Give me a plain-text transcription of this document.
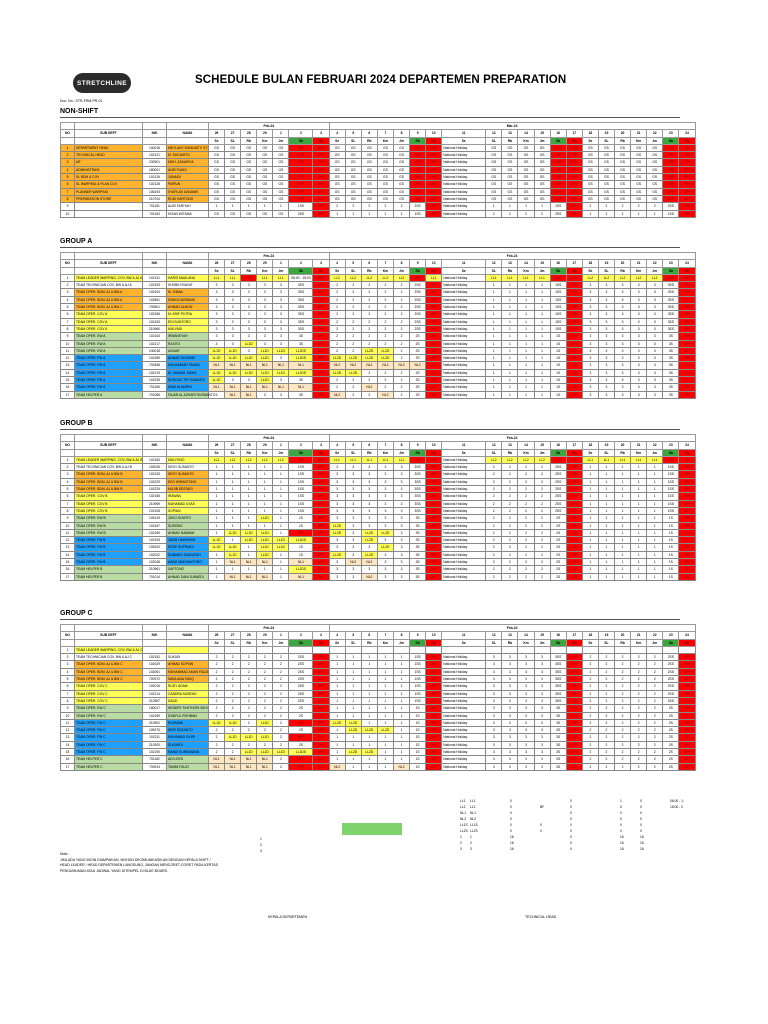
STRETCHLINE	SCHEDULE BULAN FEBRUARI 2024 DEPARTEMEN PREPARATION
Doc. No.: STR-FRM-PR-01
NON-SHIFT
				Feb-24							Mar-24																				
NO	SUB DEPT	NIK	NAMA	26	27	28	29	1	2	3	4	5	6	7	8	9	10	11	12	13	14	15	16	17	18	19	20	21	22	23	24
				Se	SL	Rb	Km	Jm	Sb	Mg	Se	SL	Rb	Km	Jm	Sb	Mg	Se	SL	Rb	Km	Jm	Sb	Mg	Se	SL	Rb	Km	Jm	Sb	Mg
1	DEPARTMENT HEAD	100018	MEYLANY INSANIATY, ST.	GS	GS	GS	GS	GS	OFF	OFF	GS	GS	GS	GS	GS	OFF	OFF	National Holiday	GS	GS	GS	GS	OFF	OFF	GS	GS	GS	GS	GS	OFF	OFF
2	TECHNICAL HEAD	102121	M. SUGIARTO	GS	GS	GS	GS	GS	OFF	OFF	GS	GS	GS	GS	GS	OFF	OFF	National Holiday	GS	GS	GS	GS	OFF	OFF	GS	GS	GS	GS	GS	OFF	OFF
3	MT	230901	MOH. ZAKARIYA	GS	GS	GS	GS	GS	OFF	OFF	GS	GS	GS	GS	GS	OFF	OFF	National Holiday	GS	GS	GS	GS	OFF	OFF	GS	GS	GS	GS	GS	OFF	OFF
4	ADMINISTRASI	180001	ANIS FUADI	GS	GS	GS	GS	GS	OFF	OFF	GS	GS	GS	GS	GS	OFF	OFF	National Holiday	GS	GS	GS	GS	OFF	OFF	GS	GS	GS	GS	GS	OFF	OFF
5	SL BDM & COV	102126	JUNAIDI	GS	GS	GS	GS	GS	OFF	OFF	GS	GS	GS	GS	GS	OFF	OFF	National Holiday	GS	GS	GS	GS	OFF	OFF	GS	GS	GS	GS	GS	OFF	OFF
6	SL WARPING & PLAN COV	102128	PAIRUN	GS	GS	GS	GS	GS	OFF	OFF	GS	GS	GS	GS	GS	OFF	OFF	National Holiday	GS	GS	GS	GS	OFF	OFF	GS	GS	GS	GS	GS	OFF	OFF
7	PLANNER WARPING	106193	SYAFIUDI DANANIK	GS	GS	GS	GS	GS	OFF	OFF	GS	GS	GS	GS	GS	OFF	OFF	National Holiday	GS	GS	GS	GS	OFF	OFF	GS	GS	GS	GS	GS	OFF	OFF
8	PREPARATION STORE	210704	RUDI HARTONO	GS	GS	GS	GS	GS	OFF	OFF	GS	GS	GS	GS	GS	OFF	OFF	National Holiday	GS	GS	GS	GS	OFF	OFF	GS	GS	GS	GS	GS	OFF	OFF
9		701161	AUDI FARIYAH	1	1	1	1	1	1SS	OFF	2	2	2	2	2	2SS	OFF	National Holiday	1	1	1	1	1SS	OFF	2	2	2	2	2	2SS	OFF
10		701163	KISAN WITAMA	GS	GS	GS	GS	GS	2SS	OFF	1	1	1	1	1	1SS	OFF	National Holiday	2	2	2	2	2SS	OFF	1	1	1	1	1	1SS	OFF
GROUP A
				Feb-24							Feb-24																				
NO	SUB DEPT	NIK	NAMA	26	27	28	29	1	2	3	4	5	6	7	8	9	10	11	12	13	14	15	16	17	18	19	20	21	22	23	24
				Se	SL	Rb	Km	Jm	Sb	Mg	Se	SL	Rb	Km	Jm	Sb	Mg	Se	SL	Rb	Km	Jm	Sb	Mg	Se	SL	Rb	Km	Jm	Sb	Mg
1	TEAM LEADER WARPING, COV, BW & AJ A	102131	HARIS MAULANA	LL1	LL1	OFF	LL1	LL1	06:00 - 18:00	OFF	LL2	LL2	LL2	LL2	LL2	OFF	LL1	National Holiday	LL1	LL1	LL1	LL1	OFF	OFF	LL2	LL2	LL2	LL2	LL2	OFF	OFF
2	TEAM TECHNICIAN COV, BW & AJ A	102193	SHOBIH RIAYAT	3	3	3	3	3	3SS	OFF	2	2	2	2	2	2SS	OFF	National Holiday	1	1	1	1	1SS	OFF	3	3	3	3	3	3SS	OFF
3	TEAM OPER. BDM, AJ & BW A	102204	M. ISMAIL	3	3	3	3	3	3SS	OFF	2	2	2	2	2	2SS	OFF	National Holiday	1	1	1	1	1SS	OFF	3	3	3	3	3	3SS	OFF
4	TEAM OPER. BDM, AJ & BW A	102861	DWIKA NURMANI	3	3	3	3	3	3SS	OFF	2	2	2	2	2	2SS	OFF	National Holiday	1	1	1	1	1SS	OFF	3	3	3	3	3	3SS	OFF
5	TEAM OPER. BDM, AJ & BW C	700801	AHMAD ALMON	3	3	3	3	3	3SS	OFF	2	2	2	2	2	2SS	OFF	National Holiday	1	1	1	1	1SS	OFF	3	3	3	3	3	3SS	OFF
6	TEAM OPER. COV A	102156	M. ARIF PUTRA	3	3	3	3	3	3SS	OFF	2	2	2	2	2	2SS	OFF	National Holiday	1	1	1	1	1SS	OFF	3	3	3	3	3	3SS	OFF
7	TEAM OPER. COV A	102153	EDI SUNTORO	3	3	3	3	3	3SS	OFF	2	2	2	2	2	2SS	OFF	National Holiday	1	1	1	1	1SS	OFF	3	3	3	3	3	3SS	OFF
8	TEAM OPER. COV A	210960	MULYADI	3	3	3	3	3	3SS	OFF	2	2	2	2	2	2SS	OFF	National Holiday	1	1	1	1	1SS	OFF	3	3	3	3	3	3SS	OFF
9	TEAM OPER. EW A	102163	IRWANSYAH	3	3	3	3	3	3S	OFF	2	2	2	2	2	2S	OFF	National Holiday	1	1	1	1	1S	OFF	3	3	3	3	3	3S	OFF
10	TEAM OPER. EW A	102217	RASITO	3	3	LL1D	3	3	3S	OFF	2	2	2	2	2	2S	OFF	National Holiday	1	1	1	1	1S	OFF	3	3	3	3	3	3S	OFF
11	TEAM OPER. EW A	240018	ANUAR	LL1D	LL1D	3	LL1D	LL1D	LL1DS	OFF	2	2	LL2D	LL2D	2	2S	OFF	National Holiday	1	1	1	1	1S	OFF	3	3	3	3	3	3S	OFF
12	TEAM OPER. FW A	102289	AHMAD SUYANDI	LL1D	LL1D	LL1D	LL1D	3	LL1DS	OFF	LL2D	LL2D	LL2D	LL2D	2	2S	OFF	National Holiday	1	1	1	1	1S	OFF	3	3	3	3	3	3S	OFF
13	TEAM OPER. FW A	700468	MUHAMMAD TAMAD	NL1	NL1	NL1	NL1	NL1	NL1	OFF	NL2	NL2	NL2	NL2	NL2	NL2	OFF	National Holiday	1	1	1	1	1S	OFF	3	3	3	3	3	3S	OFF
14	TEAM OPER. FW A	102219	M. SAMSUL MAHA	LL1D	LL1D	LL1D	LL1D	LL1D	LL1DS	OFF	LL2D	LL2D	2	2	2	2S	OFF	National Holiday	1	1	1	1	1S	OFF	3	3	3	3	3	3S	OFF
15	TEAM OPER. FW A	102235	SUROSO TRI SUSANTO	LL1D	3	3	LL1D	3	3S	OFF	2	2	2	2	2	2S	OFF	National Holiday	1	1	1	1	1S	OFF	3	3	3	3	3	3S	OFF
16	TEAM OPER. FW A	701165	ASMI ALMURNI	NL1	NL1	NL1	NL1	NL1	NL1	OFF	2	2	NL2	2	2	2S	OFF	National Holiday	1	1	1	1	1S	OFF	3	3	3	3	3	3S	OFF
17	TEAM HELPER A	701068	FAJAR AL AZHARI RUSMANTO	3	NL1	NL1	3	3	3S	OFF	NL2	2	2	NL2	2	2S	OFF	National Holiday	1	1	1	1	1S	OFF	3	3	3	3	3	3S	OFF
GROUP B
				Feb-24							Feb-24																				
NO	SUB DEPT	NIK	NAMA	26	27	28	29	1	2	3	4	5	6	7	8	9	10	11	12	13	14	15	16	17	18	19	20	21	22	23	24
				Se	SL	Rb	Km	Jm	Sb	Mg	Se	SL	Rb	Km	Jm	Sb	Mg	Se	SL	Rb	Km	Jm	Sb	Mg	Se	SL	Rb	Km	Jm	Sb	Mg
1	TEAM LEADER WARPING, COV, BW & AJ B	102163	MULYONO	LL2	LL2	LL2	LL2	LL2	OFF	OFF	LL1	LL1	LL1	LL1	LL1	OFF	OFF	National Holiday	LL2	LL2	LL2	LL2	OFF	OFF	LL1	LL1	LL1	LL1	LL1	OFF	OFF
2	TEAM TECHNICIAN COV, BW & AJ B	102026	DEDY SUSANTO	1	1	1	1	1	1SS	OFF	3	3	3	3	3	3SS	OFF	National Holiday	2	2	2	2	2SS	OFF	1	1	1	1	1	1SS	OFF
3	TEAM OPER. BDM, AJ & BW B	102125	DEDY SUSANTO	1	1	1	1	1	1SS	OFF	3	3	3	3	3	3SS	OFF	National Holiday	2	2	2	2	2SS	OFF	1	1	1	1	1	1SS	OFF
4	TEAM OPER. BDM, AJ & BW B	102229	EKO WIRANTONO	1	1	1	1	1	1SS	OFF	3	3	3	3	3	3SS	OFF	National Holiday	2	2	2	2	2SS	OFF	1	1	1	1	1	1SS	OFF
5	TEAM OPER. BDM, AJ & BW B	102229	MUJIB SESTARI	1	1	1	1	1	1SS	OFF	3	3	3	3	3	3SS	OFF	National Holiday	2	2	2	2	2SS	OFF	1	1	1	1	1	1SS	OFF
6	TEAM OPER. COV B	102165	IRAWAN	1	1	1	1	1	1SS	OFF	3	3	3	3	3	3SS	OFF	National Holiday	2	2	2	2	2SS	OFF	1	1	1	1	1	1SS	OFF
7	TEAM OPER. COV B	210959	MUHAMAD ILYAS	1	1	1	1	1	1SS	OFF	3	3	3	3	3	3SS	OFF	National Holiday	2	2	2	2	2SS	OFF	1	1	1	1	1	1SS	OFF
8	TEAM OPER. COV B	102108	SOPIAN	1	1	1	1	1	1SS	OFF	3	3	3	3	3	3SS	OFF	National Holiday	2	2	2	2	2SS	OFF	1	1	1	1	1	1SS	OFF
9	TEAM OPER. EW B	105125	JOKO SUWITO	1	1	1	LL1D	1	1S	OFF	3	3	3	3	3	3S	OFF	National Holiday	2	2	2	2	2S	OFF	1	1	1	1	1	1S	OFF
10	TEAM OPER. EW B	102167	SURONO	1	1	1	1	1	1S	OFF	LL2D	3	3	3	3	3S	OFF	National Holiday	2	2	2	2	2S	OFF	1	1	1	1	1	1S	OFF
11	TEAM OPER. EW B	102169	AHMAD NAWAWI	1	LL1D	LL1D	LL1D	1	OFF	OFF	LL2D	3	LL2D	LL2D	3	3S	OFF	National Holiday	2	2	2	2	2S	OFF	1	1	1	1	1	1S	OFF
12	TEAM OPER. FW B	102193	JAENI HAWIKWIN	LL1D	1	LL1D	LL1D	LL1D	LL1DS	OFF	3	3	LL2D	3	3	3S	OFF	National Holiday	2	2	2	2	2S	OFF	1	1	1	1	1	1S	OFF
13	TEAM OPER. FW B	105100	DEDE SUPRIADI	LL1D	LL1D	1	LL1D	LL1D	1S	OFF	3	3	3	LL2D	3	3S	OFF	National Holiday	2	2	2	2	2S	OFF	1	1	1	1	1	1S	OFF
14	TEAM OPER. FW B	102022	SUBANDI SUANGSIH	1	LL1D	1	LL1D	1	1S	OFF	LL2D	3	LL2D	3	3	3S	OFF	National Holiday	2	2	2	2	2S	OFF	1	1	1	1	1	1S	OFF
15	TEAM OPER. FW B	102048	AANG MUKSANTORO	1	NL1	NL1	NL1	1	NL1	OFF	3	NL2	NL2	3	3	3S	OFF	National Holiday	2	2	2	2	2S	OFF	1	1	1	1	1	1S	OFF
16	TEAM HELPER B	210961	SAPTONO	1	1	1	1	1	LL1DS	OFF	3	3	3	3	3	3S	OFF	National Holiday	2	2	2	2	2S	OFF	1	1	1	1	1	1S	OFF
17	TEAM HELPER B	701014	AHMAD DANI JUNAEDI	1	NL1	NL1	NL1	1	NL1	OFF	3	3	NL2	3	3	3S	OFF	National Holiday	2	2	2	2	2S	OFF	1	1	1	1	1	1S	OFF
GROUP C
				Feb-24							Feb-24																				
NO	SUB DEPT	NIK	NAMA	26	27	28	29	1	2	3	4	5	6	7	8	9	10	11	12	13	14	15	16	17	18	19	20	21	22	23	24
				Se	SL	Rb	Km	Jm	Sb	Mg	Se	SL	Rb	Km	Jm	Sb	Mg	Se	SL	Rb	Km	Jm	Sb	Mg	Se	SL	Rb	Km	Jm	Sb	Mg
1	TEAM LEADER WARPING, COV, BW & AJ C																														
2	TEAM TECHNICIAN COV, BW & AJ C	102152	SUKADI	2	2	2	2	2	2SS	OFF	1	1	1	1	1	1SS	OFF	National Holiday	3	3	3	3	3SS	OFF	2	2	2	2	2	2SS	OFF
3	TEAM OPER. BDM, AJ & BW C	102029	AHMAD SOPIAN	2	2	2	2	2	2SS	OFF	1	1	1	1	1	1SS	OFF	National Holiday	3	3	3	3	3SS	OFF	2	2	2	2	2	2SS	OFF
4	TEAM OPER. BDM, AJ & BW C	102061	MUHAMMAD AMAN FAUZI	2	2	2	2	2	2SS	OFF	1	1	1	1	1	1SS	OFF	National Holiday	3	3	3	3	3SS	OFF	2	2	2	2	2	2SS	OFF
5	TEAM OPER. BDM, AJ & BW C	700972	MAULANA SIDIQ	2	2	2	2	2	2SS	OFF	1	1	1	1	1	1SS	OFF	National Holiday	3	3	3	3	3SS	OFF	2	2	2	2	2	2SS	OFF
6	TEAM OPER. COV C	102016	RUDY ADAM	2	2	2	2	2	2SS	OFF	1	1	1	1	1	1SS	OFF	National Holiday	3	3	3	3	3SS	OFF	2	2	2	2	2	2SS	OFF
7	TEAM OPER. COV C	102214	CANDRA SUSENO	2	2	2	2	2	2SS	OFF	1	1	1	1	1	1SS	OFF	National Holiday	3	3	3	3	3SS	OFF	2	2	2	2	2	2SS	OFF
8	TEAM OPER. COV C	210957	DAUD	2	2	2	2	2	2SS	OFF	1	1	1	1	1	1SS	OFF	National Holiday	3	3	3	3	3SS	OFF	2	2	2	2	2	2SS	OFF
9	TEAM OPER. EW C	180017	HENDRY FAHTHORI SIKS	2	2	2	2	2	2S	OFF	1	1	1	1	1	1S	OFF	National Holiday	3	3	3	3	3S	OFF	2	2	2	2	2	2S	OFF
10	TEAM OPER. EW C	102169	SYAIFUL ROHMAN	2	2	2	2	2	2S	OFF	1	1	1	1	1	1S	OFF	National Holiday	3	3	3	3	3S	OFF	2	2	2	2	2	2S	OFF
11	TEAM OPER. FW C	210902	RUSMANI	LL1D	LL1D	2	LL1D	2	OFF	OFF	LL2D	LL2D	1	1	1	1S	OFF	National Holiday	3	3	3	3	3S	OFF	2	2	2	2	2	2S	OFF
12	TEAM OPER. FW C	105270	HERI SUSANTO	2	2	2	2	2	2S	OFF	1	LL2D	LL2D	LL2D	1	1S	OFF	National Holiday	3	3	3	3	3S	OFF	2	2	2	2	2	2S	OFF
13	TEAM OPER. FW C	102211	MUHAMAD FAJRI	2	LL1D	LL1D	LL1D	2	OFF	OFF	1	1	1	1	1	1S	OFF	National Holiday	3	3	3	3	3S	OFF	2	2	2	2	2	2S	OFF
14	TEAM OPER. FW C	210920	SUKARDI	2	2	2	2	2	2S	OFF	1	1	1	1	1	1S	OFF	National Holiday	3	3	3	3	3S	OFF	2	2	2	2	2	2S	OFF
15	TEAM OPER. FW C	102190	HANDI KURNIAWAN	2	2	LL1D	LL1D	LL1D	LL1DS	OFF	1	LL2D	LL2D	1	1	1S	OFF	National Holiday	3	3	3	3	3S	OFF	2	2	2	2	2	2S	OFF
16	TEAM HELPER C	701182	ADI LEEN	NL1	NL1	NL1	NL1	2	OFF	OFF	1	1	1	1	1	1S	OFF	National Holiday	3	3	3	3	3S	OFF	2	2	2	2	2	2S	OFF
17	TEAM HELPER C	700913	TAMMI FAUZI	NL1	NL1	NL1	NL1	2	OFF	OFF	NL2	1	1	1	NL2	1S	OFF	National Holiday	3	3	3	3	3S	OFF	2	2	2	2	2	2S	OFF
1
2
3
LL1	LL1	0	0	1	0	06:00 - 1:
LL2	LL2	0	BF	0	0	0	18:00 - 0
NL1	NL1	0	0	0	0
NL2	NL2	0	0	0	0
LL1S LL1S	0	0	0	0	0
LL2S LL2S	0	0	0	0	0
1	1	16	0	16	16
2	2	16	0	16	16
3	3	16	0	16	16
Note :
JIKA ADA YANG INGIN DIAMPAIKAN, MOHON DIKOMUNIKASIKAN DENGAN KEPALA SHIFT /
HEAD LEADER / HEAD DEPARTEMEN LANGSUNG, JANGAN MENCORET-CORET PADA KERTAS
PENGUMUMAN ATAU JADWAL YANG DITEMPEL DI BLUE BOARD.
KEPALA DEPARTEMEN	TECHNICAL HEAD
